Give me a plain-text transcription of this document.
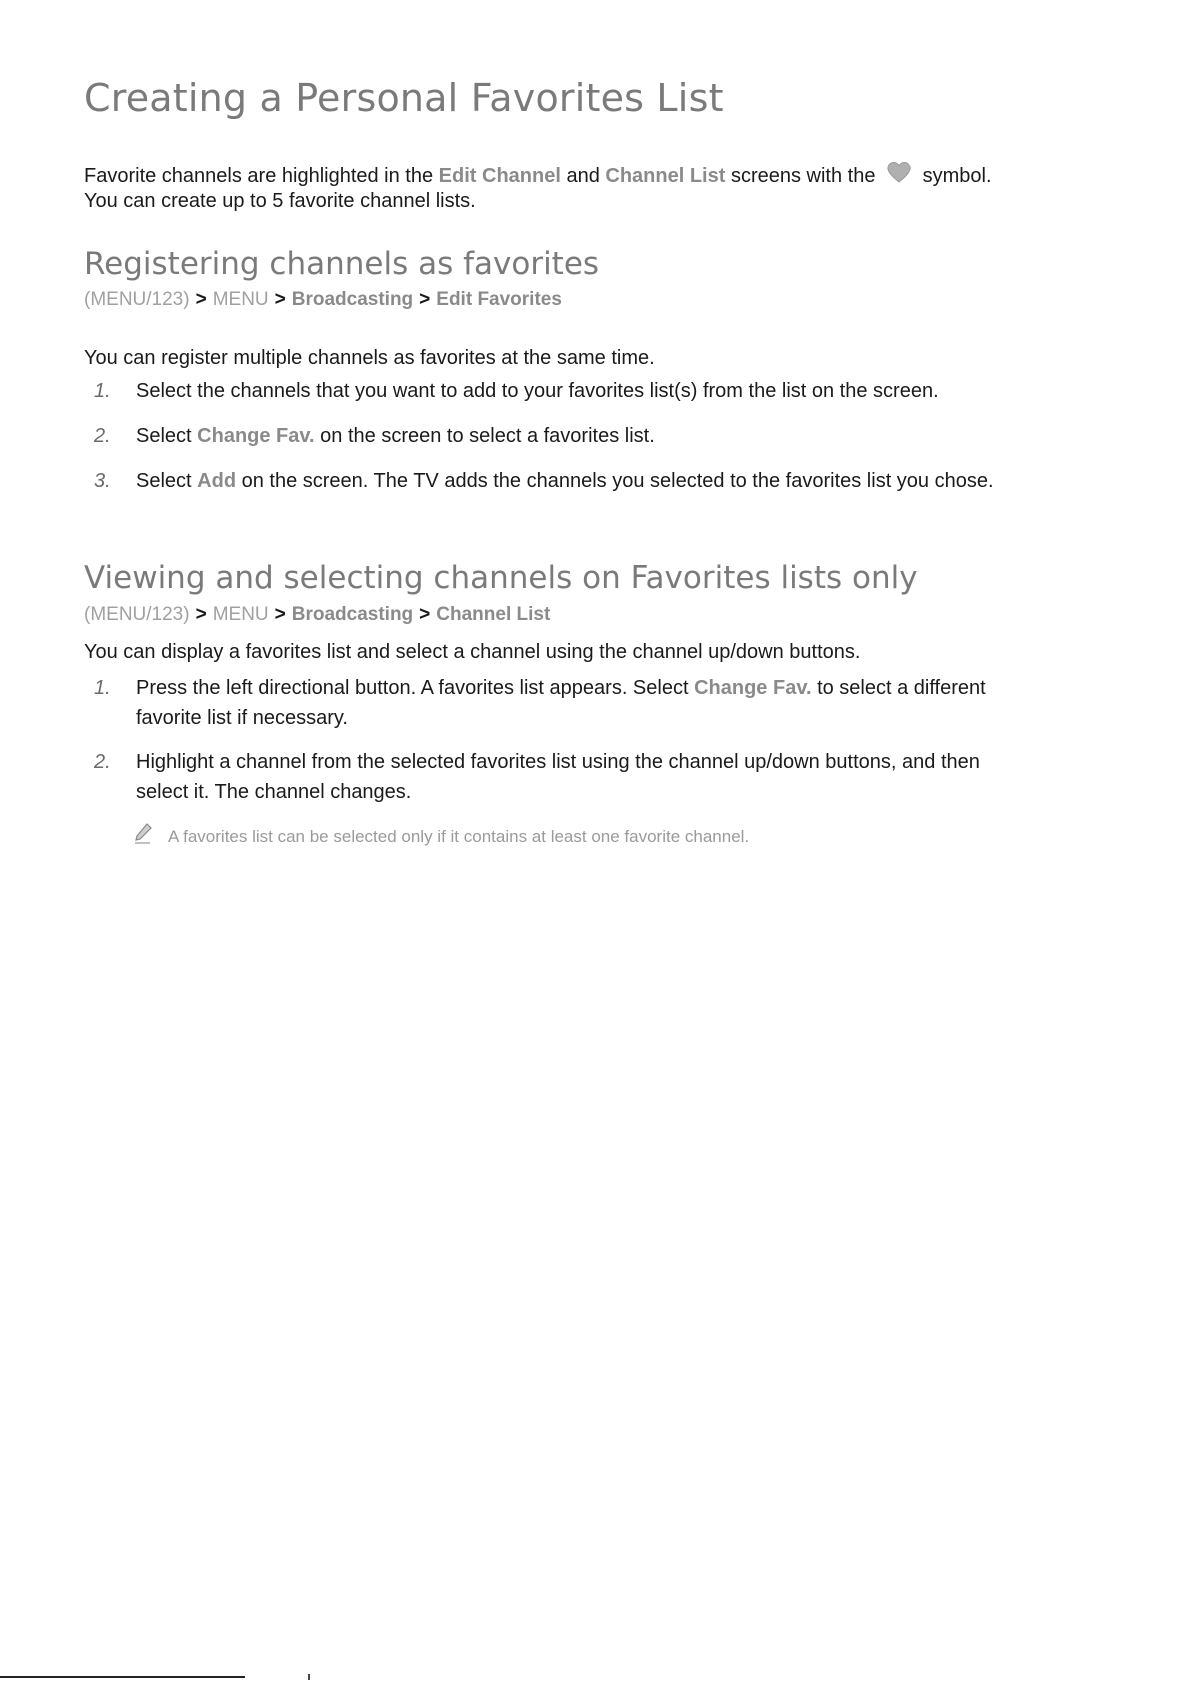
Creating a Personal Favorites List
Favorite channels are highlighted in the Edit Channel and Channel List screens with the  symbol.
You can create up to 5 favorite channel lists.
Registering channels as favorites

(MENU/123) > MENU > Broadcasting > Edit Favorites

You can register multiple channels as favorites at the same time.

1. Select the channels that you want to add to your favorites list(s) from the list on the screen.
2. Select Change Fav. on the screen to select a favorites list.
3. Select Add on the screen. The TV adds the channels you selected to the favorites list you chose.
Viewing and selecting channels on Favorites lists only

(MENU/123) > MENU > Broadcasting > Channel List

You can display a favorites list and select a channel using the channel up/down buttons.

1. Press the left directional button. A favorites list appears. Select Change Fav. to select a different
favorite list if necessary.
2. Highlight a channel from the selected favorites list using the channel up/down buttons, and then
select it. The channel changes.

A favorites list can be selected only if it contains at least one favorite channel.
